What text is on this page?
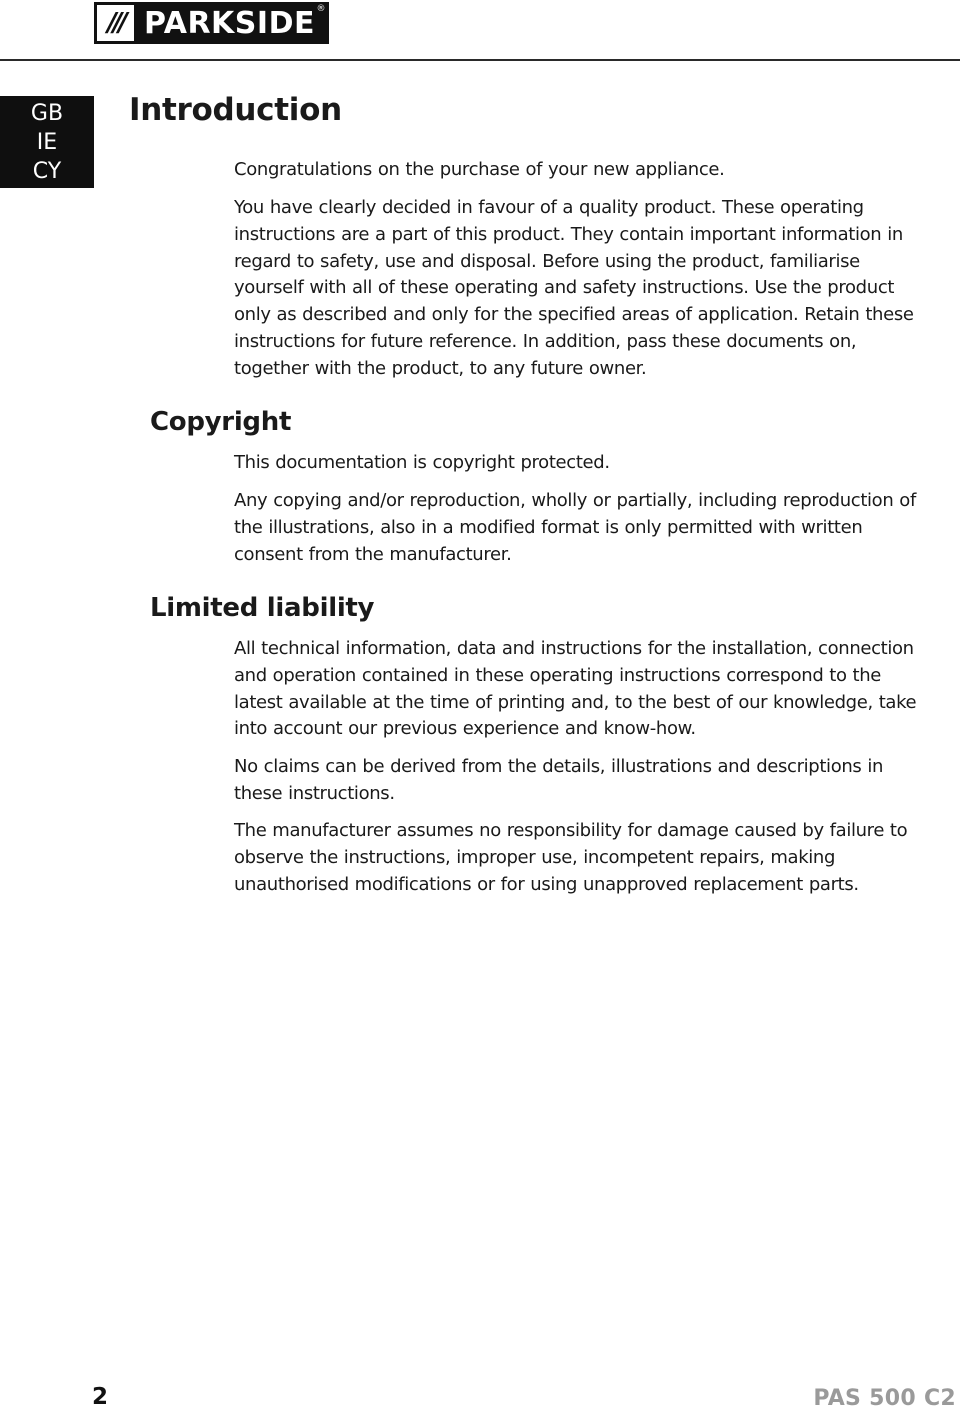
/// PARKSIDE ®
GB
IE
CY
Introduction

Congratulations on the purchase of your new appliance.

You have clearly decided in favour of a quality product. These operating instructions are a part of this product. They contain important information in regard to safety, use and disposal. Before using the product, familiarise yourself with all of these operating and safety instructions. Use the product only as described and only for the specified areas of application. Retain these instructions for future reference. In addition, pass these documents on, together with the product, to any future owner.

Copyright

This documentation is copyright protected.

Any copying and/or reproduction, wholly or partially, including reproduction of the illustrations, also in a modified format is only permitted with written consent from the manufacturer.

Limited liability

All technical information, data and instructions for the installation, connection and operation contained in these operating instructions correspond to the latest available at the time of printing and, to the best of our knowledge, take into account our previous experience and know-how.

No claims can be derived from the details, illustrations and descriptions in these instructions.

The manufacturer assumes no responsibility for damage caused by failure to observe the instructions, improper use, incompetent repairs, making unauthorised modifications or for using unapproved replacement parts.

2	PAS 500 C2
